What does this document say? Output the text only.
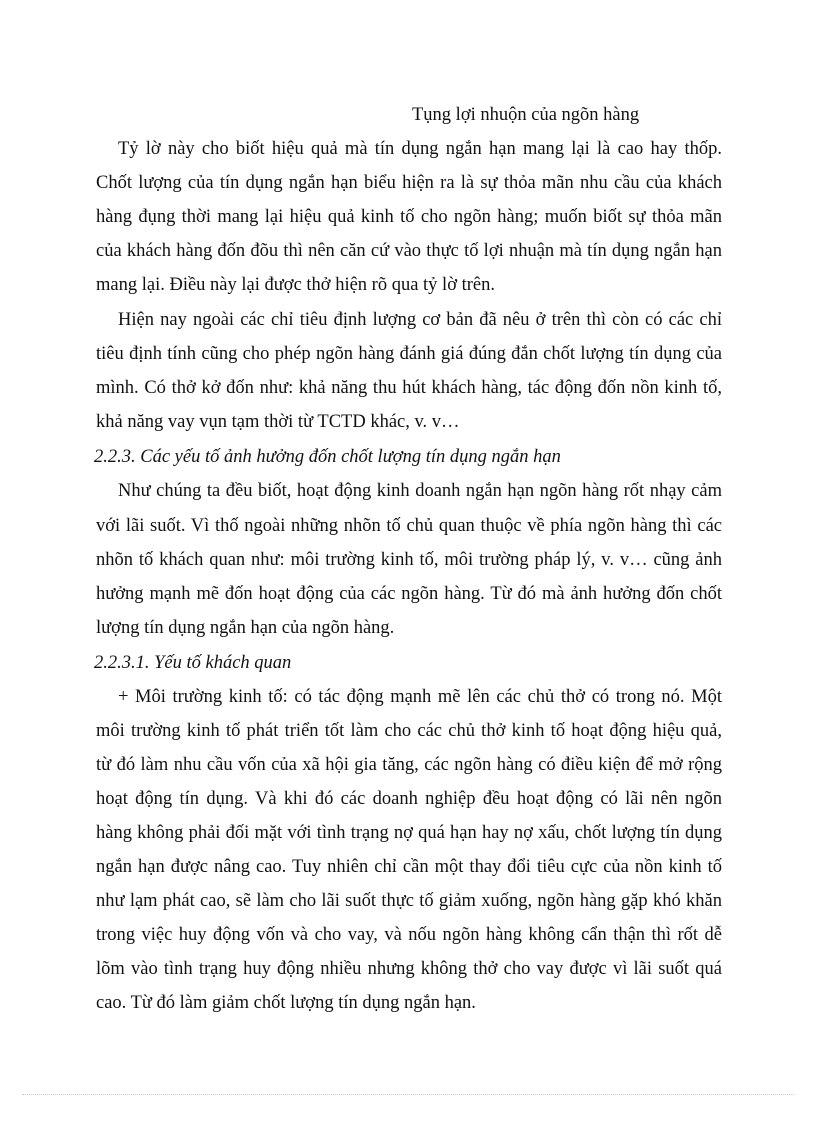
Tụng lợi nhuộn của ngõn hàng
Tỷ lờ này cho biốt hiệu quả mà tín dụng ngắn hạn mang lại là cao hay thốp.
Chốt lượng của tín dụng ngắn hạn biểu hiện ra là sự thỏa mãn nhu cầu của khách
hàng đụng thời mang lại hiệu quả kinh tố cho ngõn hàng; muốn biốt sự thỏa mãn
của khách hàng đốn đõu thì nên căn cứ vào thực tố lợi nhuận mà tín dụng ngắn hạn
mang lại. Điều này lại được thở hiện rõ qua tỷ lờ trên.
Hiện nay ngoài các chỉ tiêu định lượng cơ bản đã nêu ở trên thì còn có các chỉ
tiêu định tính cũng cho phép ngõn hàng đánh giá đúng đắn chốt lượng tín dụng của
mình. Có thở kở đốn như: khả năng thu hút khách hàng, tác động đốn nồn kinh tố,
khả năng vay vụn tạm thời từ TCTD khác, v. v…
2.2.3. Các yếu tố ảnh hưởng đốn chốt lượng tín dụng ngắn hạn
Như chúng ta đều biốt, hoạt động kinh doanh ngắn hạn ngõn hàng rốt nhạy cảm
với lãi suốt. Vì thố ngoài những nhõn tố chủ quan thuộc về phía ngõn hàng thì các
nhõn tố khách quan như: môi trường kinh tố, môi trường pháp lý, v. v… cũng ảnh
hưởng mạnh mẽ đốn hoạt động của các ngõn hàng. Từ đó mà ảnh hưởng đốn chốt
lượng tín dụng ngắn hạn của ngõn hàng.
2.2.3.1. Yếu tố khách quan
+ Môi trường kinh tố: có tác động mạnh mẽ lên các chủ thở có trong nó. Một
môi trường kinh tố phát triển tốt làm cho các chủ thở kinh tố hoạt động hiệu quả,
từ đó làm nhu cầu vốn của xã hội gia tăng, các ngõn hàng có điều kiện để mở rộng
hoạt động tín dụng. Và khi đó các doanh nghiệp đều hoạt động có lãi nên ngõn
hàng không phải đối mặt với tình trạng nợ quá hạn hay nợ xấu, chốt lượng tín dụng
ngắn hạn được nâng cao. Tuy nhiên chỉ cần một thay đổi tiêu cực của nồn kinh tố
như lạm phát cao, sẽ làm cho lãi suốt thực tố giảm xuống, ngõn hàng gặp khó khăn
trong việc huy động vốn và cho vay, và nốu ngõn hàng không cẩn thận thì rốt dễ
lõm vào tình trạng huy động nhiều nhưng không thở cho vay được vì lãi suốt quá
cao. Từ đó làm giảm chốt lượng tín dụng ngắn hạn.
